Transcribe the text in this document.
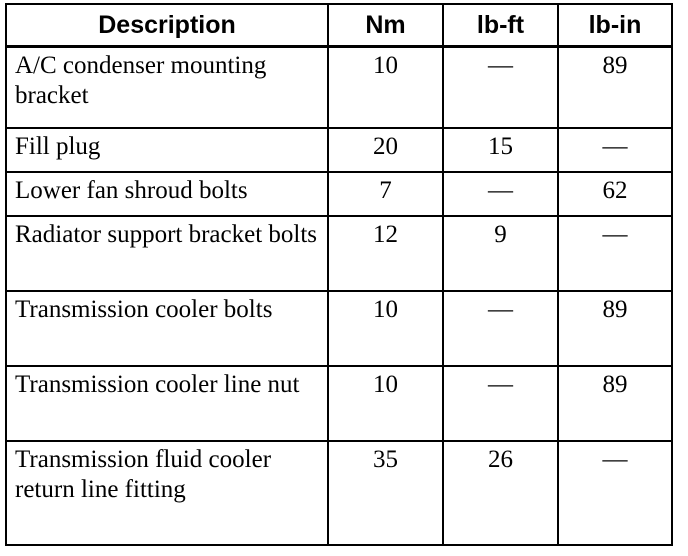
Description	Nm	lb-ft	lb-in
A/C condenser mounting bracket	10	—	89
Fill plug	20	15	—
Lower fan shroud bolts	7	—	62
Radiator support bracket bolts	12	9	—
Transmission cooler bolts	10	—	89
Transmission cooler line nut	10	—	89
Transmission fluid cooler return line fitting	35	26	—
